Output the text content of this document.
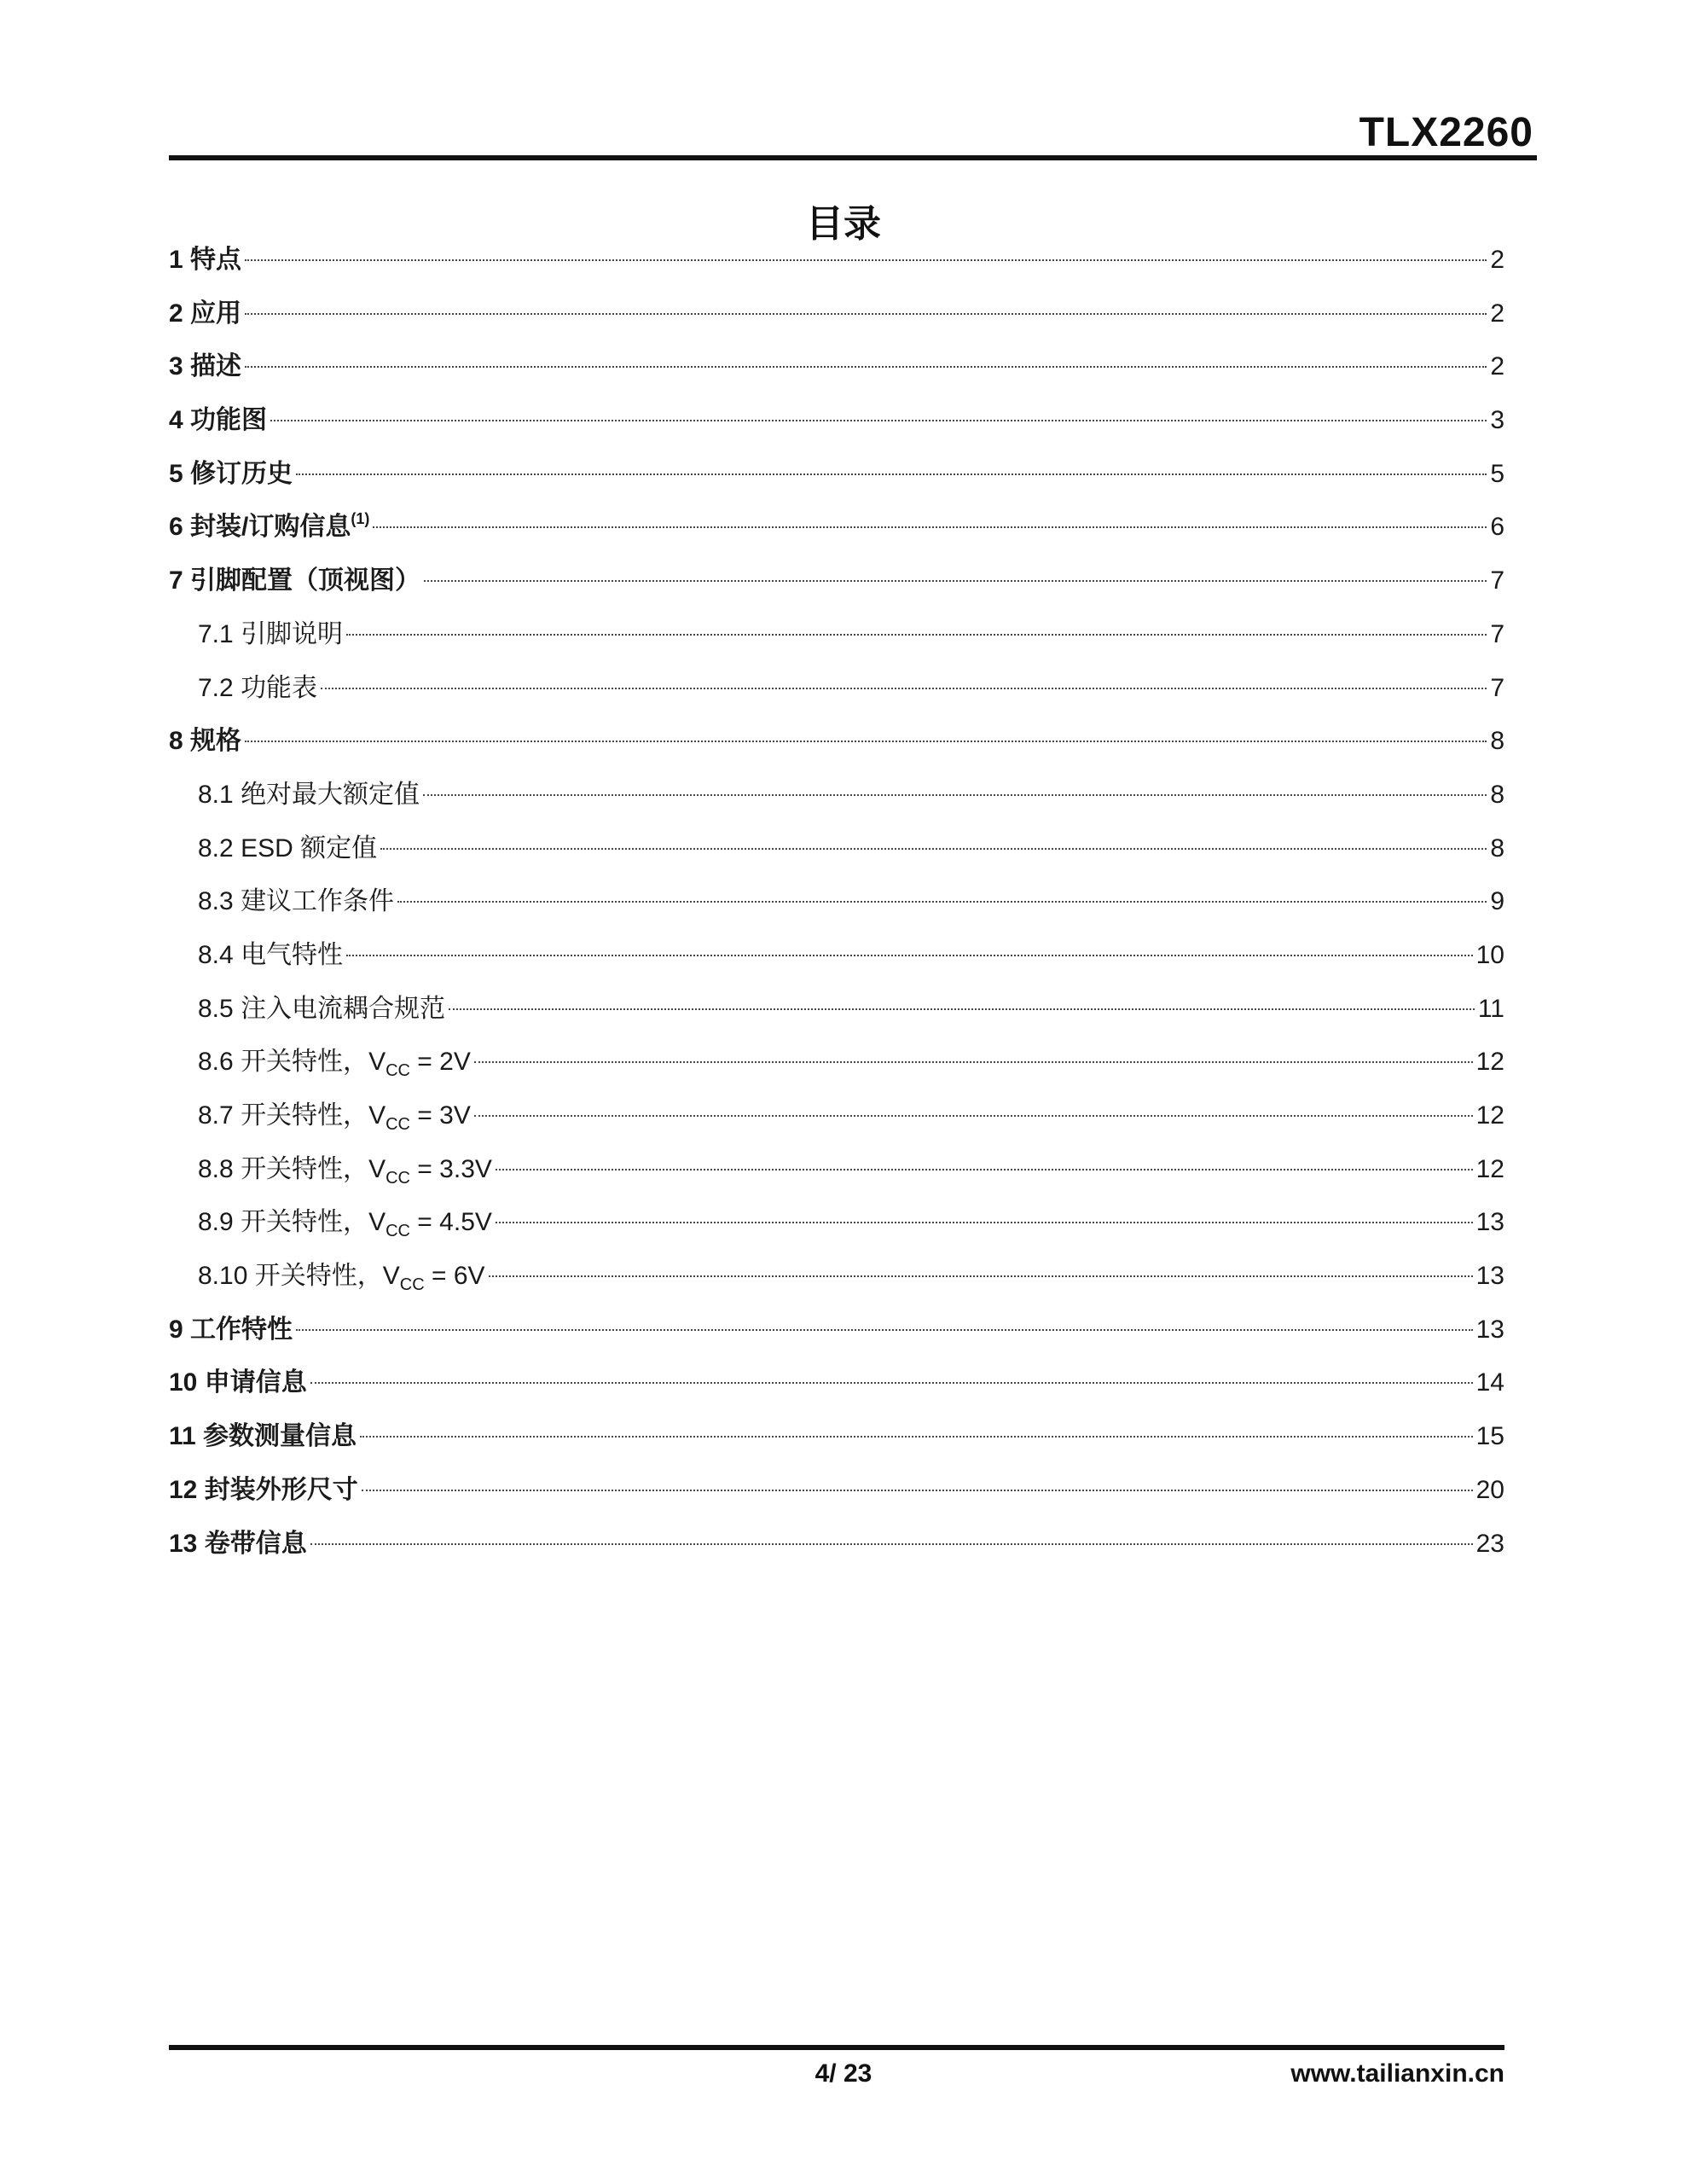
TLX2260
目录
1 特点	2
2 应用	2
3 描述	2
4 功能图	3
5 修订历史	5
6 封装/订购信息$^{(1)}$	6
7 引脚配置（顶视图）	7
7.1 引脚说明	7
7.2 功能表	7
8 规格	8
8.1 绝对最大额定值	8
8.2 ESD 额定值	8
8.3 建议工作条件	9
8.4 电气特性	10
8.5 注入电流耦合规范	11
8.6 开关特性，$V_{CC} = 2V$	12
8.7 开关特性，$V_{CC} = 3V$	12
8.8 开关特性，$V_{CC} = 3.3V$	12
8.9 开关特性，$V_{CC} = 4.5V$	13
8.10 开关特性，$V_{CC} = 6V$	13
9 工作特性	13
10 申请信息	14
11 参数测量信息	15
12 封装外形尺寸	20
13 卷带信息	23
4/ 23	www.tailianxin.cn
